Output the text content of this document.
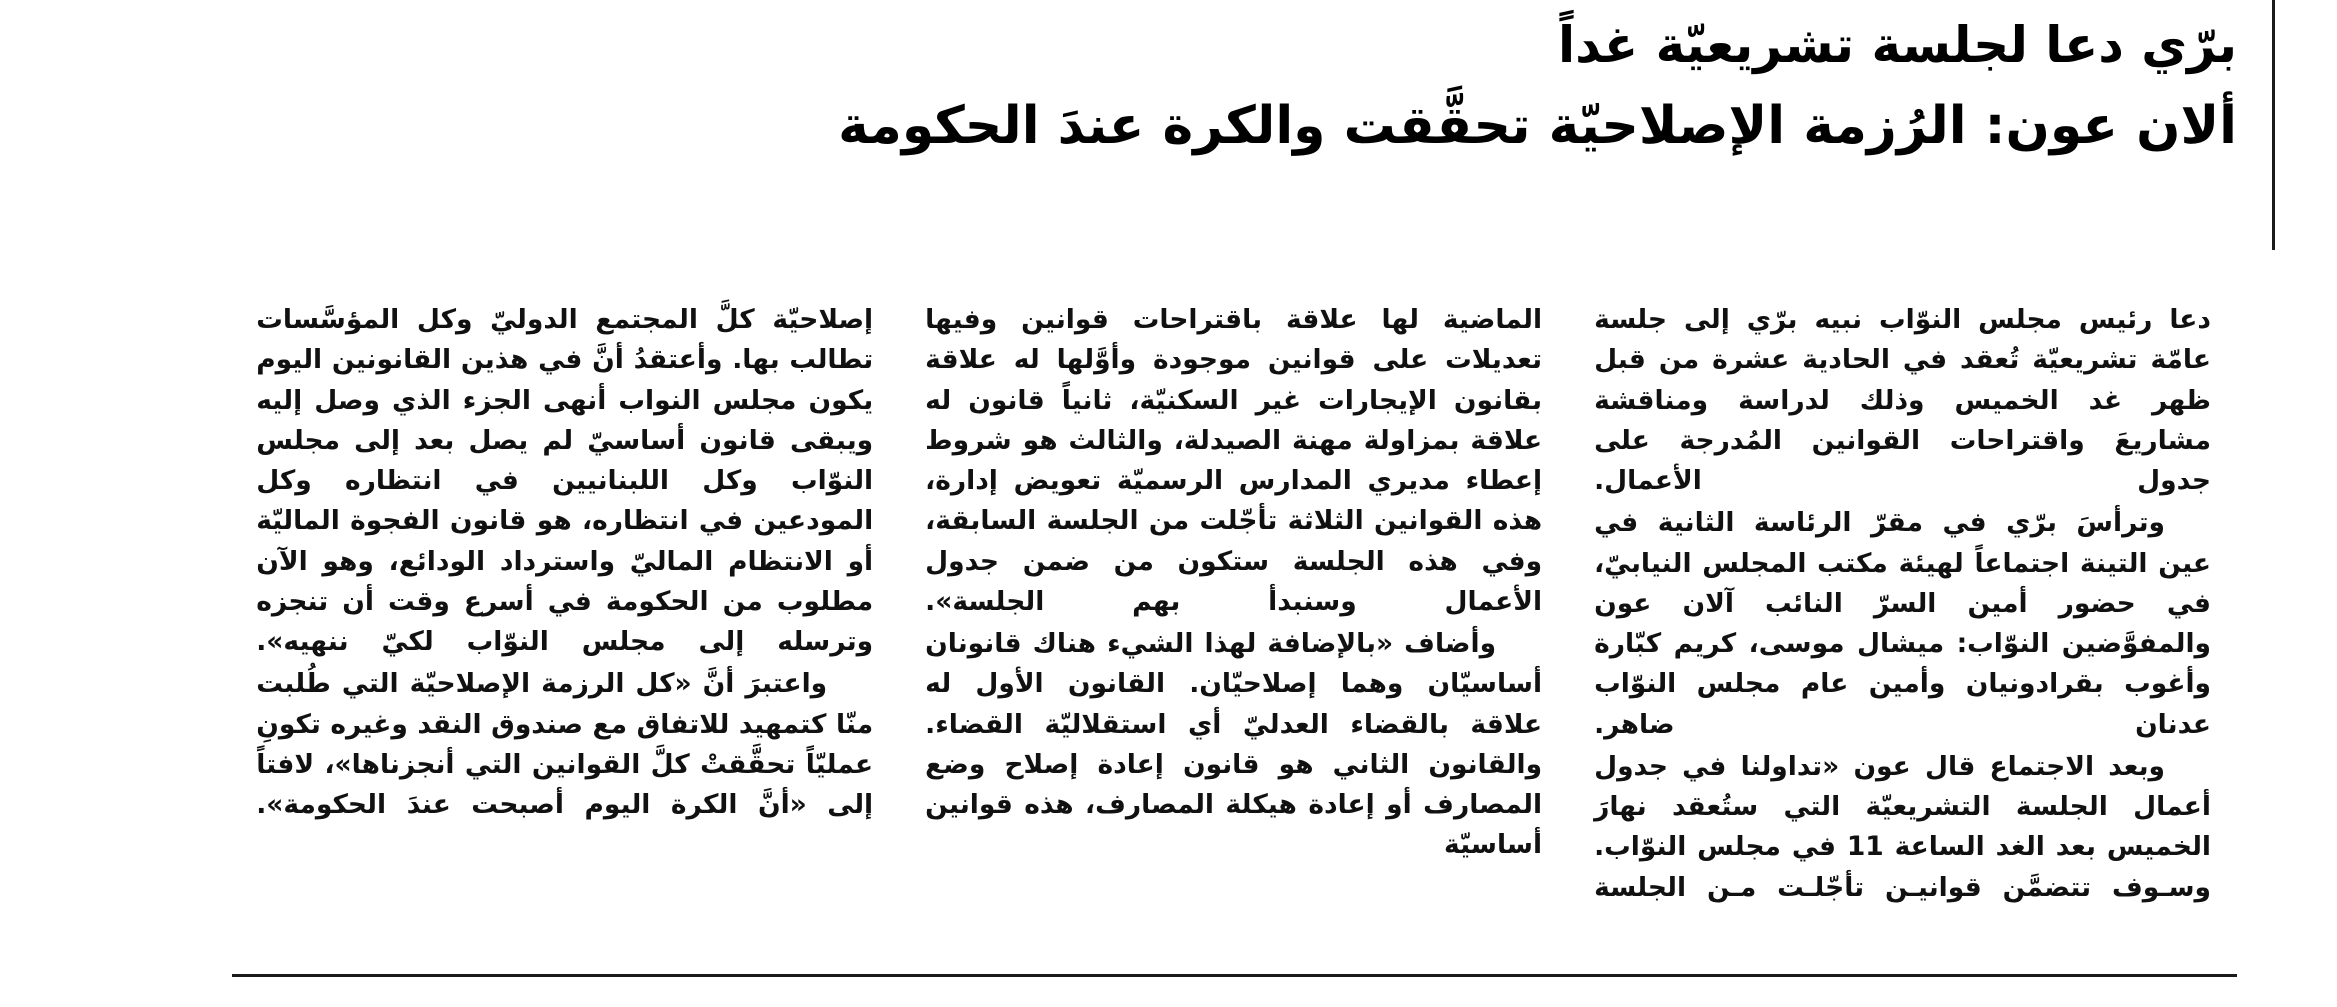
برّي دعا لجلسة تشريعيّة غداً
ألان عون: الرُزمة الإصلاحيّة تحقَّقت والكرة عندَ الحكومة

دعا رئيس مجلس النوّاب نبيه برّي إلى جلسة عامّة تشريعيّة تُعقد في الحادية عشرة من قبل ظهر غد الخميس وذلك لدراسة ومناقشة مشاريعَ واقتراحات القوانين المُدرجة على جدول الأعمال.

وترأسَ برّي في مقرّ الرئاسة الثانية في عين التينة اجتماعاً لهيئة مكتب المجلس النيابيّ، في حضور أمين السرّ النائب آلان عون والمفوَّضين النوّاب: ميشال موسى، كريم كبّارة وأغوب بقرادونيان وأمين عام مجلس النوّاب عدنان ضاهر.

وبعد الاجتماع قال عون «تداولنا في جدول أعمال الجلسة التشريعيّة التي ستُعقد نهارَ الخميس بعد الغد الساعة 11 في مجلس النوّاب. وسـوف تتضمَّن قوانيـن تأجّلـت مـن الجلسة

الماضية لها علاقة باقتراحات قوانين وفيها تعديلات على قوانين موجودة وأوَّلها له علاقة بقانون الإيجارات غير السكنيّة، ثانياً قانون له علاقة بمزاولة مهنة الصيدلة، والثالث هو شروط إعطاء مديري المدارس الرسميّة تعويض إدارة، هذه القوانين الثلاثة تأجّلت من الجلسة السابقة، وفي هذه الجلسة ستكون من ضمن جدول الأعمال وسنبدأ بهم الجلسة».

وأضاف «بالإضافة لهذا الشيء هناك قانونان أساسيّان وهما إصلاحيّان. القانون الأول له علاقة بالقضاء العدليّ أي استقلاليّة القضاء. والقانون الثاني هو قانون إعادة إصلاح وضع المصارف أو إعادة هيكلة المصارف، هذه قوانين أساسيّة

إصلاحيّة كلَّ المجتمع الدوليّ وكل المؤسَّسات تطالب بها. وأعتقدُ أنَّ في هذين القانونين اليوم يكون مجلس النواب أنهى الجزء الذي وصل إليه ويبقى قانون أساسيّ لم يصل بعد إلى مجلس النوّاب وكل اللبنانيين في انتظاره وكل المودعين في انتظاره، هو قانون الفجوة الماليّة أو الانتظام الماليّ واسترداد الودائع، وهو الآن مطلوب من الحكومة في أسرع وقت أن تنجزه وترسله إلى مجلس النوّاب لكيّ ننهيه».

واعتبرَ أنَّ «كل الرزمة الإصلاحيّة التي طُلبت منّا كتمهيد للاتفاق مع صندوق النقد وغيره تكونِ عمليّاً تحقَّقتْ كلَّ القوانين التي أنجزناها»، لافتاً إلى «أنَّ الكرة اليوم أصبحت عندَ الحكومة».
